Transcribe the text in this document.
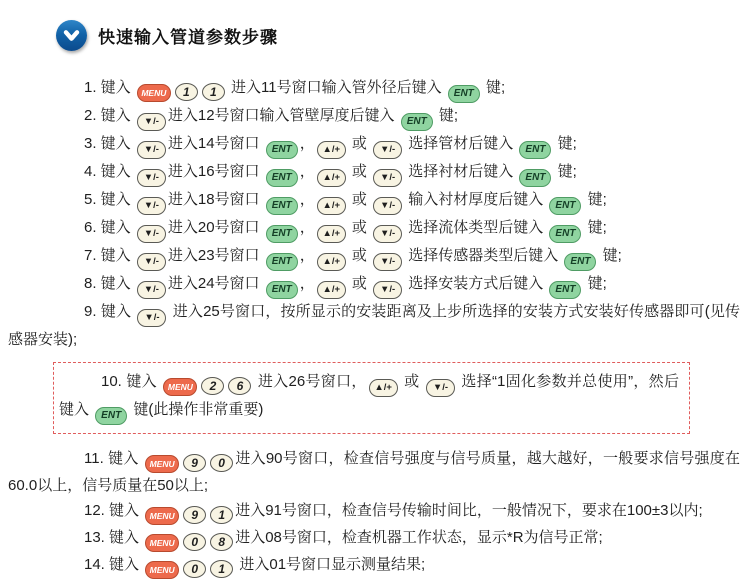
快速输入管道参数步骤

1. 键入 MENU 1 1 进入11号窗口输入管外径后键入 ENT 键;

2. 键入 ▼/- 进入12号窗口输入管壁厚度后键入 ENT 键;

3. 键入 ▼/- 进入14号窗口 ENT ， ▲/+ 或 ▼/- 选择管材后键入 ENT 键;

4. 键入 ▼/- 进入16号窗口 ENT ， ▲/+ 或 ▼/- 选择衬材后键入 ENT 键;

5. 键入 ▼/- 进入18号窗口 ENT ， ▲/+ 或 ▼/- 输入衬材厚度后键入 ENT 键;

6. 键入 ▼/- 进入20号窗口 ENT ， ▲/+ 或 ▼/- 选择流体类型后键入 ENT 键;

7. 键入 ▼/- 进入23号窗口 ENT ， ▲/+ 或 ▼/- 选择传感器类型后键入 ENT 键;

8. 键入 ▼/- 进入24号窗口 ENT ， ▲/+ 或 ▼/- 选择安装方式后键入 ENT 键;

9. 键入 ▼/- 进入25号窗口，按所显示的安装距离及上步所选择的安装方式安装好传感器即可(见传感器安装);

10. 键入 MENU 2 6 进入26号窗口， ▲/+ 或 ▼/- 选择“1固化参数并总使用”，然后键入 ENT 键(此操作非常重要)

11. 键入 MENU 9 0 进入90号窗口，检查信号强度与信号质量，越大越好，一般要求信号强度在60.0以上，信号质量在50以上;

12. 键入 MENU 9 1 进入91号窗口，检查信号传输时间比，一般情况下，要求在100±3以内;

13. 键入 MENU 0 8 进入08号窗口，检查机器工作状态，显示*R为信号正常;

14. 键入 MENU 0 1 进入01号窗口显示测量结果;
